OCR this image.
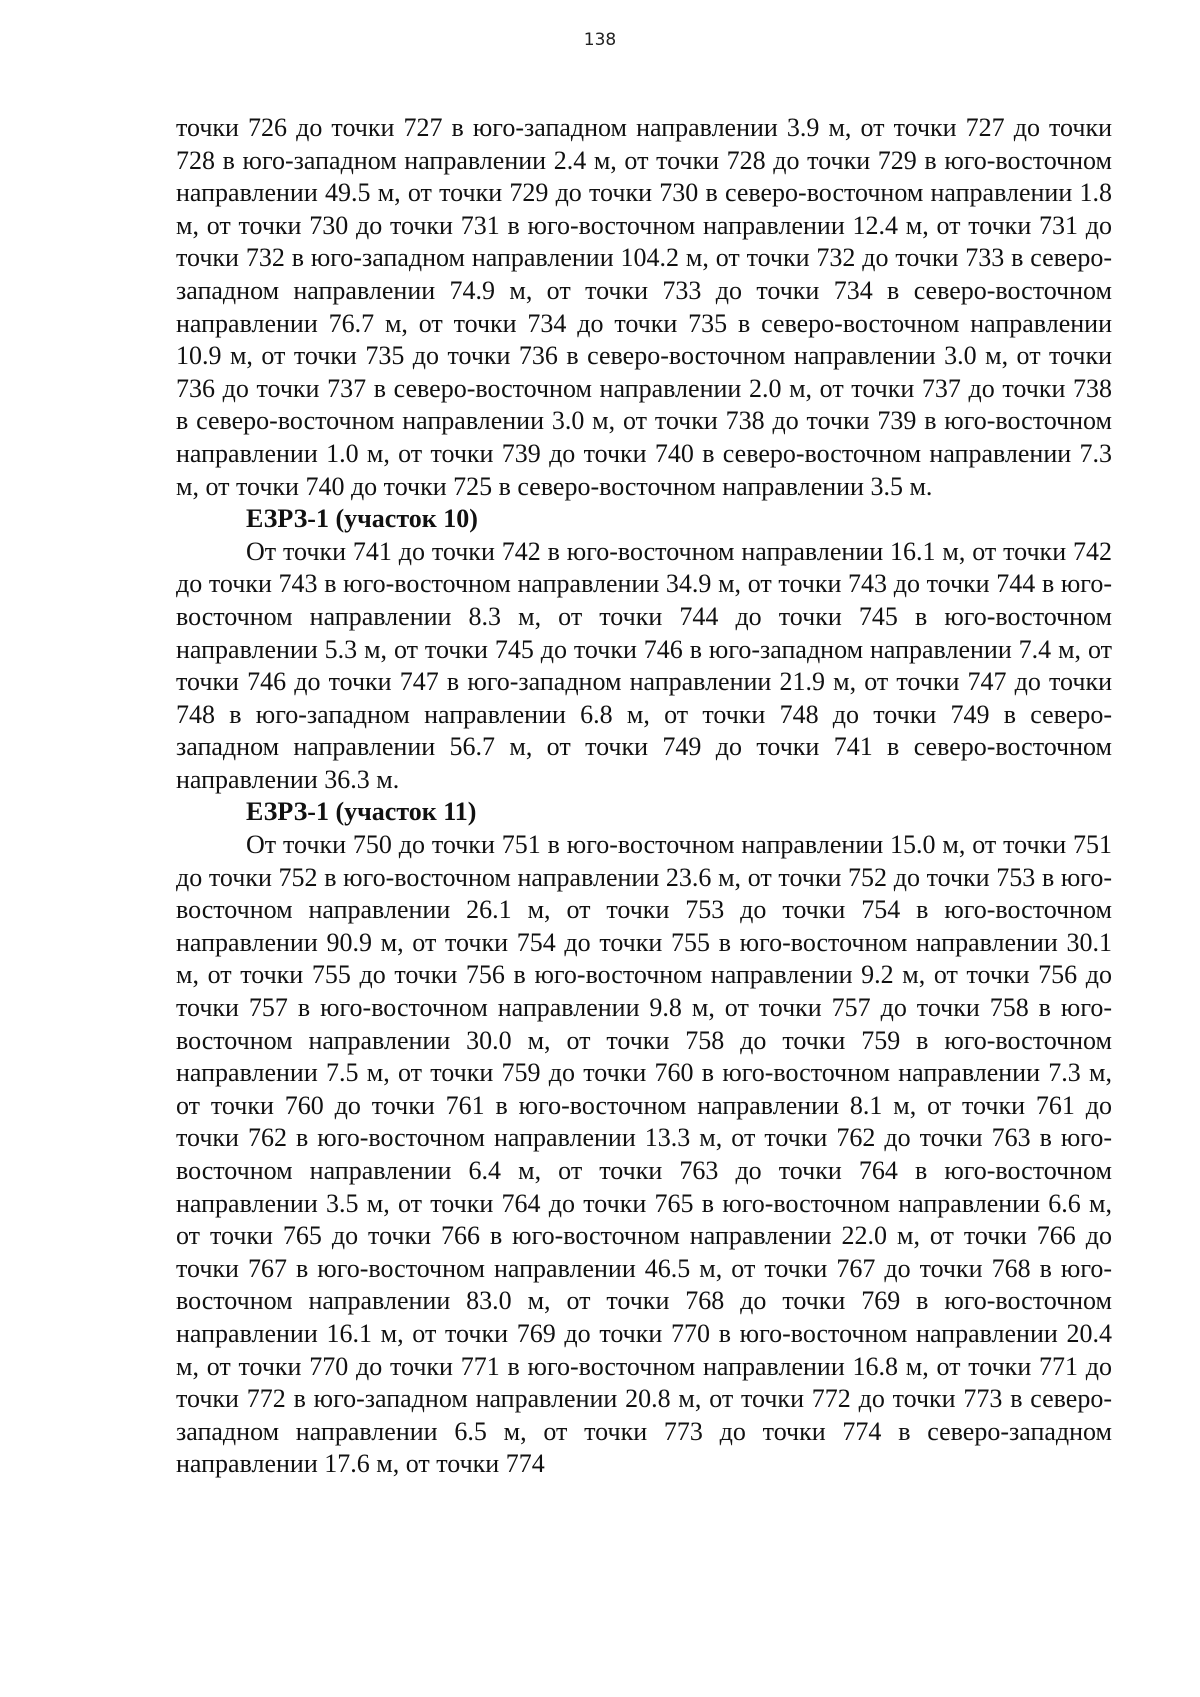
138

точки 726 до точки 727 в юго-западном направлении 3.9 м, от точки 727 до точки 728 в юго-западном направлении 2.4 м, от точки 728 до точки 729 в юго-восточном направлении 49.5 м, от точки 729 до точки 730 в северо-восточном направлении 1.8 м, от точки 730 до точки 731 в юго-восточном направлении 12.4 м, от точки 731 до точки 732 в юго-западном направлении 104.2 м, от точки 732 до точки 733 в северо-западном направлении 74.9 м, от точки 733 до точки 734 в северо-восточном направлении 76.7 м, от точки 734 до точки 735 в северо-восточном направлении 10.9 м, от точки 735 до точки 736 в северо-восточном направлении 3.0 м, от точки 736 до точки 737 в северо-восточном направлении 2.0 м, от точки 737 до точки 738 в северо-восточном направлении 3.0 м, от точки 738 до точки 739 в юго-восточном направлении 1.0 м, от точки 739 до точки 740 в северо-восточном направлении 7.3 м, от точки 740 до точки 725 в северо-восточном направлении 3.5 м.

ЕЗРЗ-1 (участок 10)

От точки 741 до точки 742 в юго-восточном направлении 16.1 м, от точки 742 до точки 743 в юго-восточном направлении 34.9 м, от точки 743 до точки 744 в юго-восточном направлении 8.3 м, от точки 744 до точки 745 в юго-восточном направлении 5.3 м, от точки 745 до точки 746 в юго-западном направлении 7.4 м, от точки 746 до точки 747 в юго-западном направлении 21.9 м, от точки 747 до точки 748 в юго-западном направлении 6.8 м, от точки 748 до точки 749 в северо-западном направлении 56.7 м, от точки 749 до точки 741 в северо-восточном направлении 36.3 м.

ЕЗРЗ-1 (участок 11)

От точки 750 до точки 751 в юго-восточном направлении 15.0 м, от точки 751 до точки 752 в юго-восточном направлении 23.6 м, от точки 752 до точки 753 в юго-восточном направлении 26.1 м, от точки 753 до точки 754 в юго-восточном направлении 90.9 м, от точки 754 до точки 755 в юго-восточном направлении 30.1 м, от точки 755 до точки 756 в юго-восточном направлении 9.2 м, от точки 756 до точки 757 в юго-восточном направлении 9.8 м, от точки 757 до точки 758 в юго-восточном направлении 30.0 м, от точки 758 до точки 759 в юго-восточном направлении 7.5 м, от точки 759 до точки 760 в юго-восточном направлении 7.3 м, от точки 760 до точки 761 в юго-восточном направлении 8.1 м, от точки 761 до точки 762 в юго-восточном направлении 13.3 м, от точки 762 до точки 763 в юго-восточном направлении 6.4 м, от точки 763 до точки 764 в юго-восточном направлении 3.5 м, от точки 764 до точки 765 в юго-восточном направлении 6.6 м, от точки 765 до точки 766 в юго-восточном направлении 22.0 м, от точки 766 до точки 767 в юго-восточном направлении 46.5 м, от точки 767 до точки 768 в юго-восточном направлении 83.0 м, от точки 768 до точки 769 в юго-восточном направлении 16.1 м, от точки 769 до точки 770 в юго-восточном направлении 20.4 м, от точки 770 до точки 771 в юго-восточном направлении 16.8 м, от точки 771 до точки 772 в юго-западном направлении 20.8 м, от точки 772 до точки 773 в северо-западном направлении 6.5 м, от точки 773 до точки 774 в северо-западном направлении 17.6 м, от точки 774
